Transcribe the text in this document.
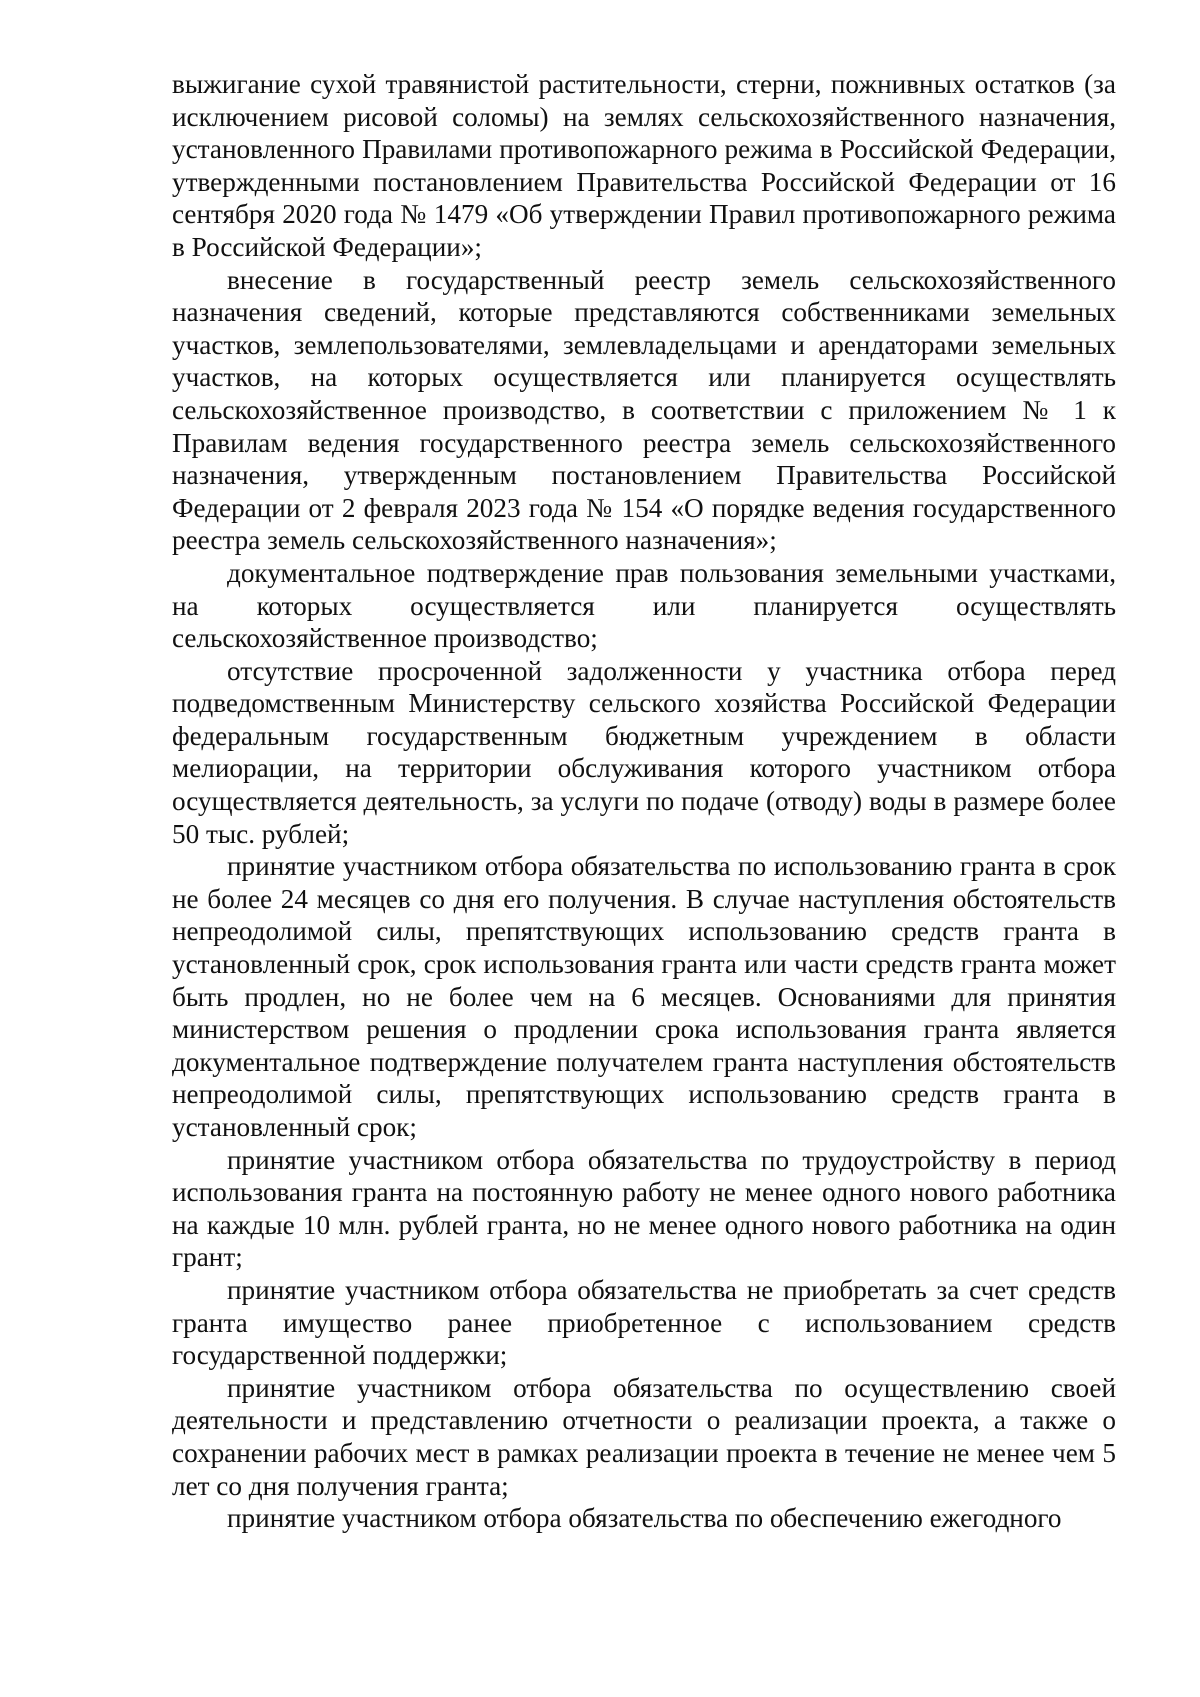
выжигание сухой травянистой растительности, стерни, пожнивных остатков (за исключением рисовой соломы) на землях сельскохозяйственного назначения, установленного Правилами противопожарного режима в Российской Федерации, утвержденными постановлением Правительства Российской Федерации от 16 сентября 2020 года № 1479 «Об утверждении Правил противопожарного режима в Российской Федерации»;

внесение в государственный реестр земель сельскохозяйственного назначения сведений, которые представляются собственниками земельных участков, землепользователями, землевладельцами и арендаторами земельных участков, на которых осуществляется или планируется осуществлять сельскохозяйственное производство, в соответствии с приложением № 1 к Правилам ведения государственного реестра земель сельскохозяйственного назначения, утвержденным постановлением Правительства Российской Федерации от 2 февраля 2023 года № 154 «О порядке ведения государственного реестра земель сельскохозяйственного назначения»;

документальное подтверждение прав пользования земельными участками, на которых осуществляется или планируется осуществлять сельскохозяйственное производство;

отсутствие просроченной задолженности у участника отбора перед подведомственным Министерству сельского хозяйства Российской Федерации федеральным государственным бюджетным учреждением в области мелиорации, на территории обслуживания которого участником отбора осуществляется деятельность, за услуги по подаче (отводу) воды в размере более 50 тыс. рублей;

принятие участником отбора обязательства по использованию гранта в срок не более 24 месяцев со дня его получения. В случае наступления обстоятельств непреодолимой силы, препятствующих использованию средств гранта в установленный срок, срок использования гранта или части средств гранта может быть продлен, но не более чем на 6 месяцев. Основаниями для принятия министерством решения о продлении срока использования гранта является документальное подтверждение получателем гранта наступления обстоятельств непреодолимой силы, препятствующих использованию средств гранта в установленный срок;

принятие участником отбора обязательства по трудоустройству в период использования гранта на постоянную работу не менее одного нового работника на каждые 10 млн. рублей гранта, но не менее одного нового работника на один грант;

принятие участником отбора обязательства не приобретать за счет средств гранта имущество ранее приобретенное с использованием средств государственной поддержки;

принятие участником отбора обязательства по осуществлению своей деятельности и представлению отчетности о реализации проекта, а также о сохранении рабочих мест в рамках реализации проекта в течение не менее чем 5 лет со дня получения гранта;

принятие участником отбора обязательства по обеспечению ежегодного
